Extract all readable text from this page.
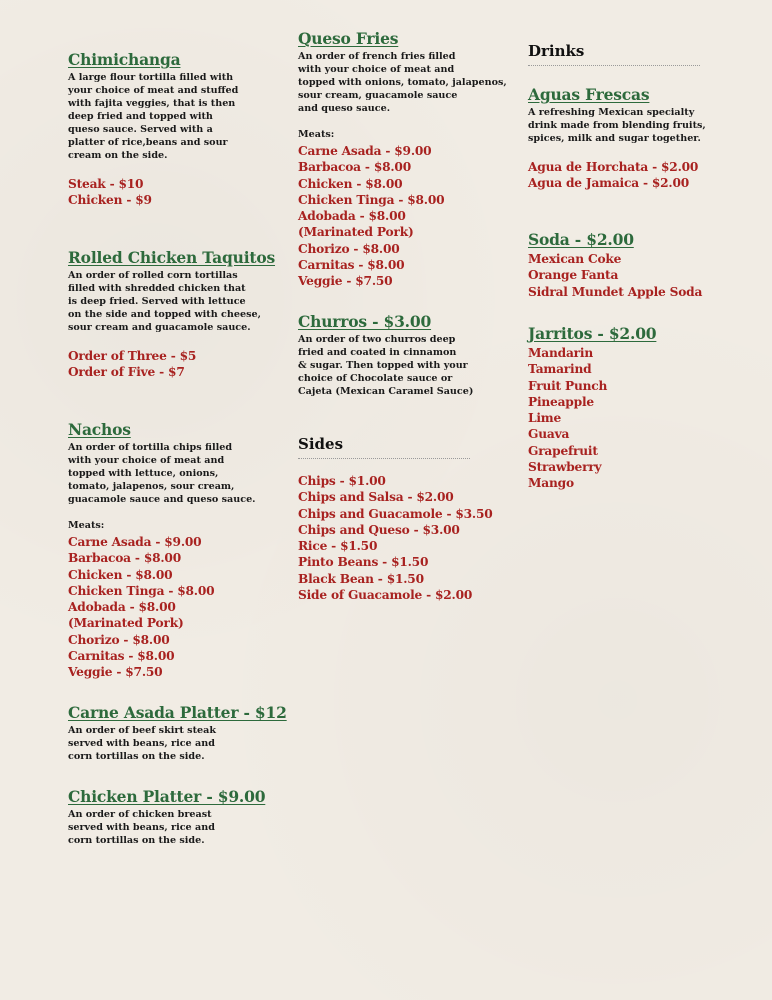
Chimichanga
A large flour tortilla filled with
your choice of meat and stuffed
with fajita veggies, that is then
deep fried and topped with
queso sauce. Served with a
platter of rice,beans and sour
cream on the side.
Steak - $10
Chicken - $9
Rolled Chicken Taquitos
An order of rolled corn tortillas
filled with shredded chicken that
is deep fried. Served with lettuce
on the side and topped with cheese,
sour cream and guacamole sauce.
Order of Three - $5
Order of Five - $7
Nachos
An order of tortilla chips filled
with your choice of meat and
topped with lettuce, onions,
tomato, jalapenos, sour cream,
guacamole sauce and queso sauce.
Meats:
Carne Asada - $9.00
Barbacoa - $8.00
Chicken - $8.00
Chicken Tinga - $8.00
Adobada - $8.00
(Marinated Pork)
Chorizo - $8.00
Carnitas - $8.00
Veggie - $7.50
Carne Asada Platter - $12
An order of beef skirt steak
served with beans, rice and
corn tortillas on the side.
Chicken Platter - $9.00
An order of chicken breast
served with beans, rice and
corn tortillas on the side.
Queso Fries
An order of french fries filled
with your choice of meat and
topped with onions, tomato, jalapenos,
sour cream, guacamole sauce
and queso sauce.
Meats:
Carne Asada - $9.00
Barbacoa - $8.00
Chicken - $8.00
Chicken Tinga - $8.00
Adobada - $8.00
(Marinated Pork)
Chorizo - $8.00
Carnitas - $8.00
Veggie - $7.50
Churros - $3.00
An order of two churros deep
fried and coated in cinnamon
& sugar. Then topped with your
choice of Chocolate sauce or
Cajeta (Mexican Caramel Sauce)
Sides
Chips - $1.00
Chips and Salsa - $2.00
Chips and Guacamole - $3.50
Chips and Queso - $3.00
Rice - $1.50
Pinto Beans - $1.50
Black Bean - $1.50
Side of Guacamole - $2.00
Drinks
Aguas Frescas
A refreshing Mexican specialty
drink made from blending fruits,
spices, milk and sugar together.
Agua de Horchata - $2.00
Agua de Jamaica - $2.00
Soda - $2.00
Mexican Coke
Orange Fanta
Sidral Mundet Apple Soda
Jarritos - $2.00
Mandarin
Tamarind
Fruit Punch
Pineapple
Lime
Guava
Grapefruit
Strawberry
Mango
